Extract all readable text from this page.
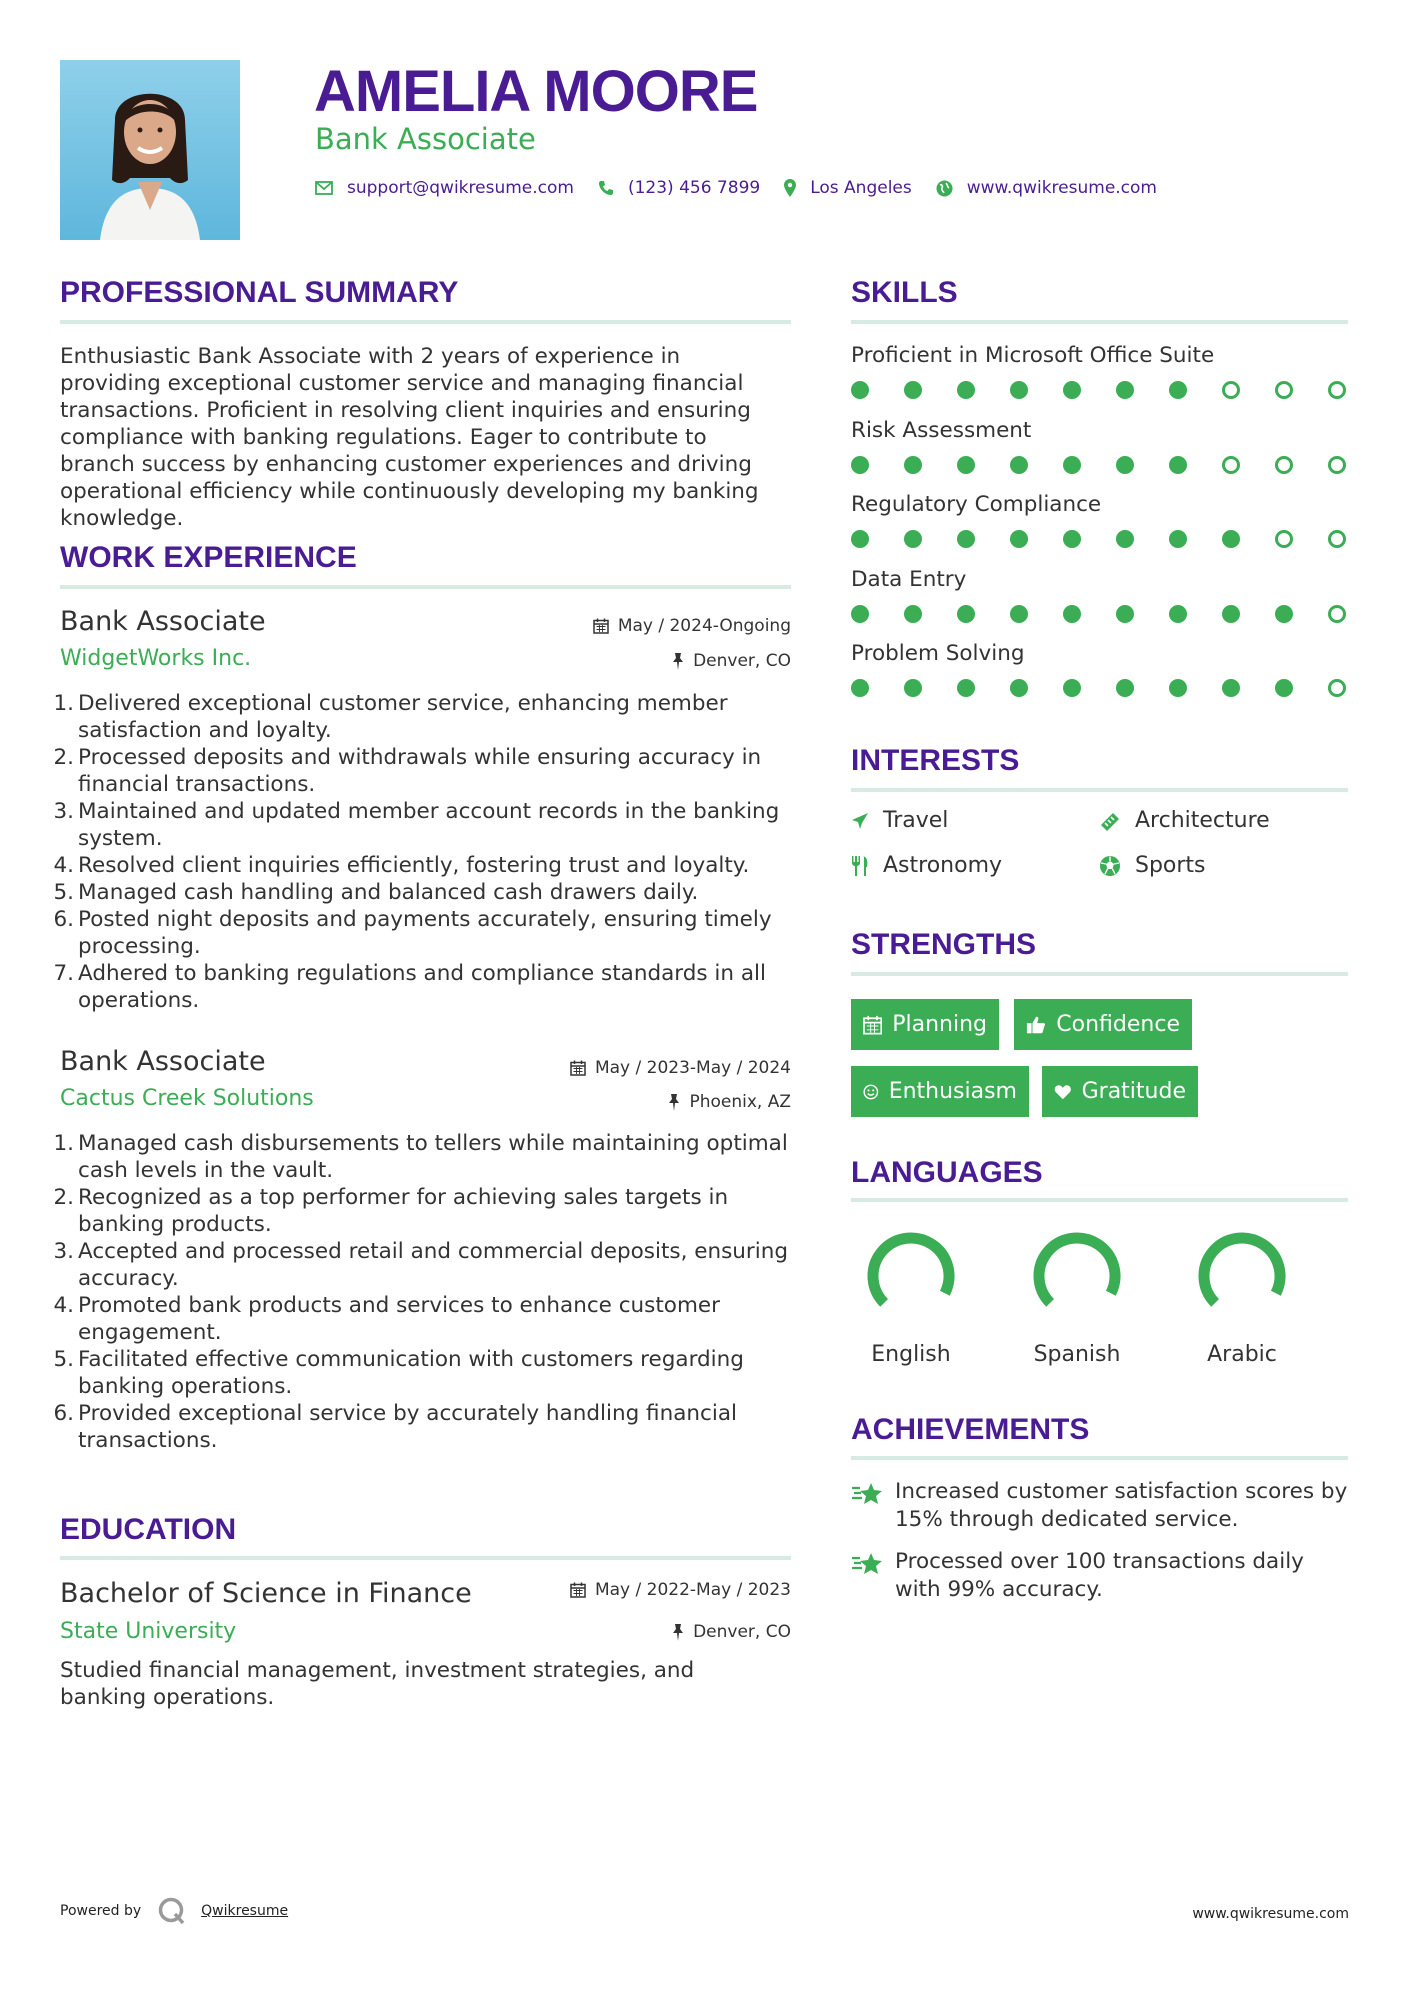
AMELIA MOORE
Bank Associate
support@qwikresume.com	(123) 456 7899	Los Angeles	www.qwikresume.com
PROFESSIONAL SUMMARY
Enthusiastic Bank Associate with 2 years of experience in providing exceptional customer service and managing financial transactions. Proficient in resolving client inquiries and ensuring compliance with banking regulations. Eager to contribute to branch success by enhancing customer experiences and driving operational efficiency while continuously developing my banking knowledge.
WORK EXPERIENCE
Bank Associate	May / 2024-Ongoing
WidgetWorks Inc.	Denver, CO
1. Delivered exceptional customer service, enhancing member satisfaction and loyalty.
2. Processed deposits and withdrawals while ensuring accuracy in financial transactions.
3. Maintained and updated member account records in the banking system.
4. Resolved client inquiries efficiently, fostering trust and loyalty.
5. Managed cash handling and balanced cash drawers daily.
6. Posted night deposits and payments accurately, ensuring timely processing.
7. Adhered to banking regulations and compliance standards in all operations.
Bank Associate	May / 2023-May / 2024
Cactus Creek Solutions	Phoenix, AZ
1. Managed cash disbursements to tellers while maintaining optimal cash levels in the vault.
2. Recognized as a top performer for achieving sales targets in banking products.
3. Accepted and processed retail and commercial deposits, ensuring accuracy.
4. Promoted bank products and services to enhance customer engagement.
5. Facilitated effective communication with customers regarding banking operations.
6. Provided exceptional service by accurately handling financial transactions.
EDUCATION
Bachelor of Science in Finance	May / 2022-May / 2023
State University	Denver, CO
Studied financial management, investment strategies, and banking operations.
SKILLS
Proficient in Microsoft Office Suite
Risk Assessment
Regulatory Compliance
Data Entry
Problem Solving
INTERESTS
Travel	Architecture
Astronomy	Sports
STRENGTHS
Planning	Confidence
Enthusiasm	Gratitude
LANGUAGES
English	Spanish	Arabic
ACHIEVEMENTS
Increased customer satisfaction scores by 15% through dedicated service.
Processed over 100 transactions daily with 99% accuracy.
Powered by	Qwikresume	www.qwikresume.com
